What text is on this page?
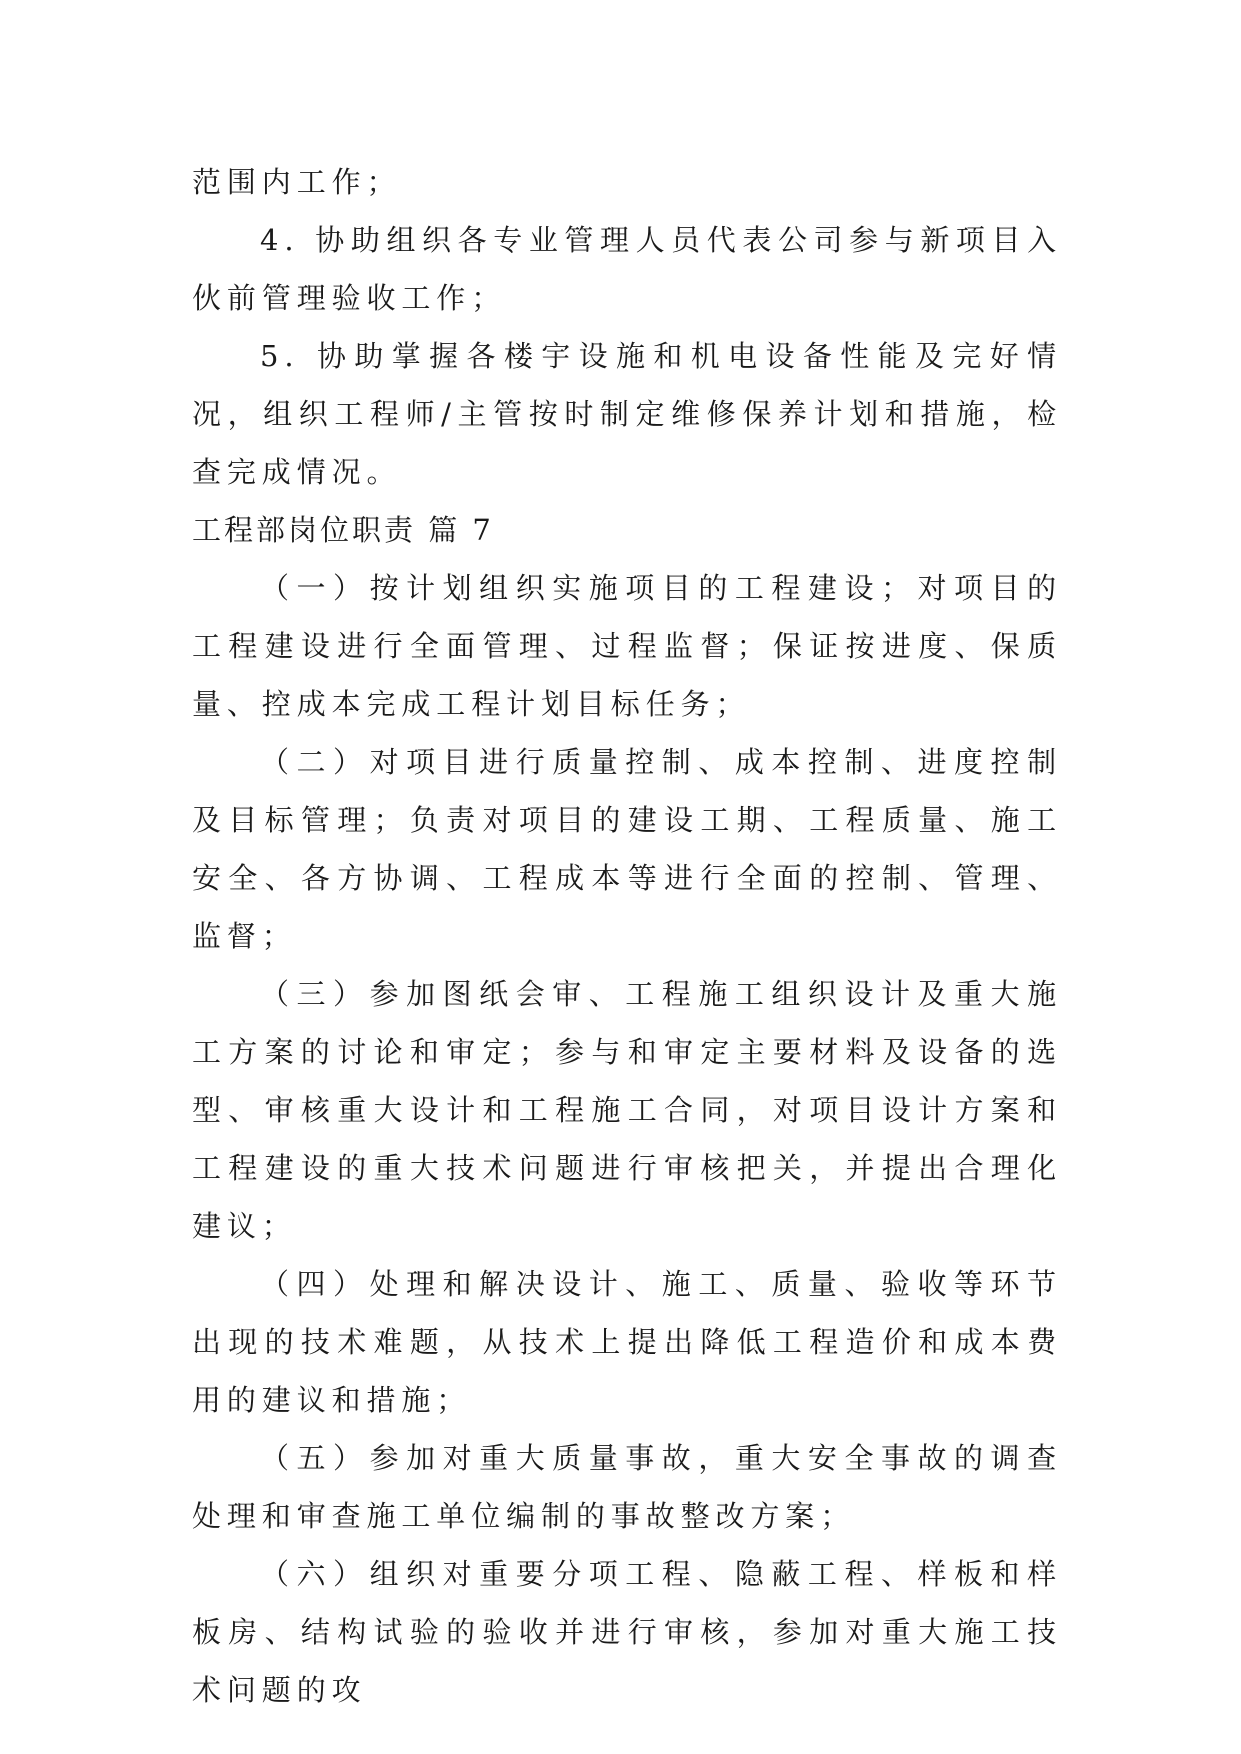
范围内工作；

4. 协助组织各专业管理人员代表公司参与新项目入伙前管理验收工作；

5. 协助掌握各楼宇设施和机电设备性能及完好情况，组织工程师/主管按时制定维修保养计划和措施，检查完成情况。

工程部岗位职责 篇 7

（一）按计划组织实施项目的工程建设；对项目的工程建设进行全面管理、过程监督；保证按进度、保质量、控成本完成工程计划目标任务；

（二）对项目进行质量控制、成本控制、进度控制及目标管理；负责对项目的建设工期、工程质量、施工安全、各方协调、工程成本等进行全面的控制、管理、监督；

（三）参加图纸会审、工程施工组织设计及重大施工方案的讨论和审定；参与和审定主要材料及设备的选型、审核重大设计和工程施工合同，对项目设计方案和工程建设的重大技术问题进行审核把关，并提出合理化建议；

（四）处理和解决设计、施工、质量、验收等环节出现的技术难题，从技术上提出降低工程造价和成本费用的建议和措施；

（五）参加对重大质量事故，重大安全事故的调查处理和审查施工单位编制的事故整改方案；

（六）组织对重要分项工程、隐蔽工程、样板和样板房、结构试验的验收并进行审核，参加对重大施工技术问题的攻
